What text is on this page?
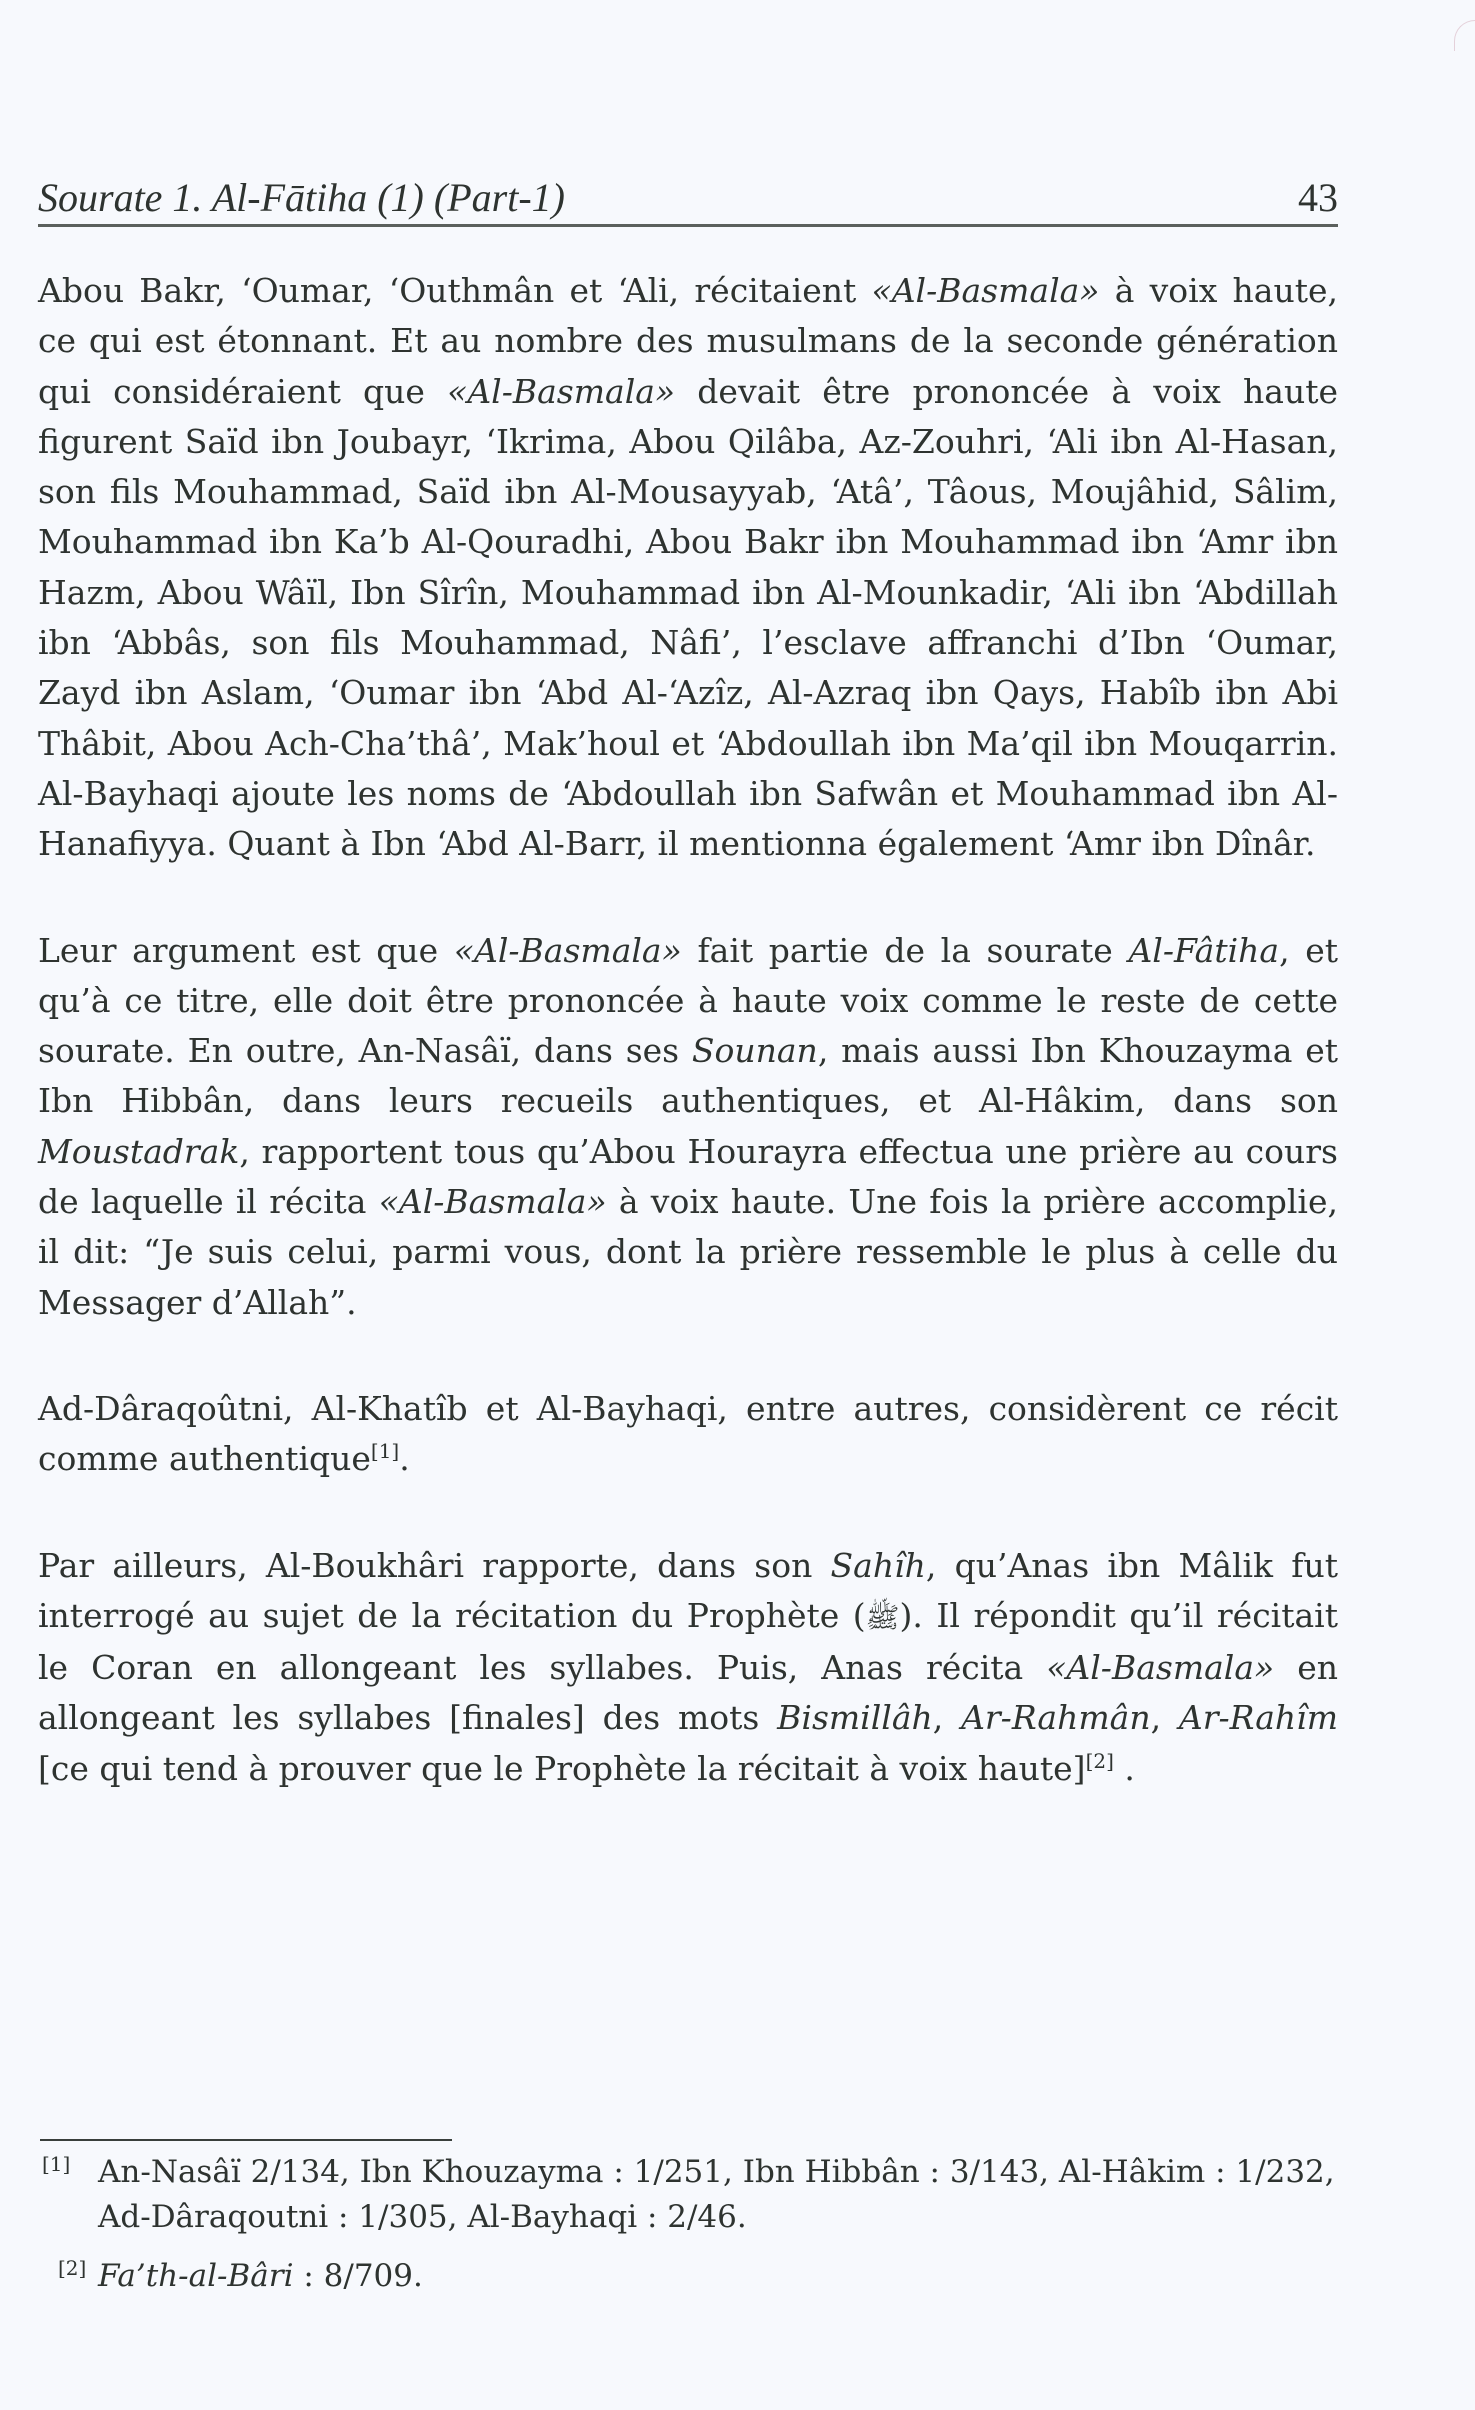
Sourate 1. Al-Fātiha (1) (Part-1)	43

Abou Bakr, ‘Oumar, ‘Outhmân et ‘Ali, récitaient «Al-Basmala» à voix haute, ce qui est étonnant. Et au nombre des musulmans de la seconde génération qui considéraient que «Al-Basmala» devait être prononcée à voix haute figurent Saïd ibn Joubayr, ‘Ikrima, Abou Qilâba, Az-Zouhri, ‘Ali ibn Al-Hasan, son fils Mouhammad, Saïd ibn Al-Mousayyab, ‘Atâ’, Tâous, Moujâhid, Sâlim, Mouhammad ibn Ka’b Al-Qouradhi, Abou Bakr ibn Mouhammad ibn ‘Amr ibn Hazm, Abou Wâïl, Ibn Sîrîn, Mouhammad ibn Al-Mounkadir, ‘Ali ibn ‘Abdillah ibn ‘Abbâs, son fils Mouhammad, Nâfi’, l’esclave affranchi d’Ibn ‘Oumar, Zayd ibn Aslam, ‘Oumar ibn ‘Abd Al-‘Azîz, Al-Azraq ibn Qays, Habîb ibn Abi Thâbit, Abou Ach-Cha’thâ’, Mak’houl et ‘Abdoullah ibn Ma’qil ibn Mouqarrin. Al-Bayhaqi ajoute les noms de ‘Abdoullah ibn Safwân et Mouhammad ibn Al-Hanafiyya. Quant à Ibn ‘Abd Al-Barr, il mentionna également ‘Amr ibn Dînâr.

Leur argument est que «Al-Basmala» fait partie de la sourate Al-Fâtiha, et qu’à ce titre, elle doit être prononcée à haute voix comme le reste de cette sourate. En outre, An-Nasâï, dans ses Sounan, mais aussi Ibn Khouzayma et Ibn Hibbân, dans leurs recueils authentiques, et Al-Hâkim, dans son Moustadrak, rapportent tous qu’Abou Hourayra effectua une prière au cours de laquelle il récita «Al-Basmala» à voix haute. Une fois la prière accomplie, il dit: “Je suis celui, parmi vous, dont la prière ressemble le plus à celle du Messager d’Allah”.

Ad-Dâraqoûtni, Al-Khatîb et Al-Bayhaqi, entre autres, considèrent ce récit comme authentique[1].

Par ailleurs, Al-Boukhâri rapporte, dans son Sahîh, qu’Anas ibn Mâlik fut interrogé au sujet de la récitation du Prophète (ﷺ). Il répondit qu’il récitait le Coran en allongeant les syllabes. Puis, Anas récita «Al-Basmala» en allongeant les syllabes [finales] des mots Bismillâh, Ar-Rahmân, Ar-Rahîm [ce qui tend à prouver que le Prophète la récitait à voix haute][2] .

[1] An-Nasâï 2/134, Ibn Khouzayma : 1/251, Ibn Hibbân : 3/143, Al-Hâkim : 1/232, Ad-Dâraqoutni : 1/305, Al-Bayhaqi : 2/46.
[2] Fa’th-al-Bâri : 8/709.
